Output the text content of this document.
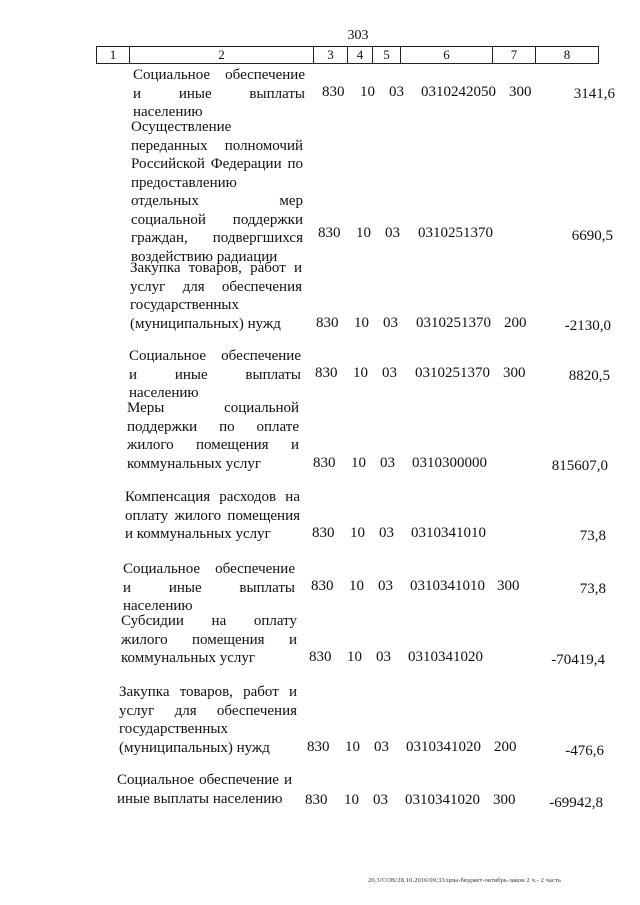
303
1	2	3	4	5	6	7	8
Социальное обеспечение и иные выплаты населению
830 10 03 0310242050 300	3141,6
Осуществление переданных полномочий Российской Федерации по предоставлению отдельных мер социальной поддержки граждан, подвергшихся воздействию радиации
830 10 03 0310251370	6690,5
Закупка товаров, работ и услуг для обеспечения государственных (муниципальных) нужд	830 10 03 0310251370 200	-2130,0
Социальное обеспечение и иные выплаты населению
830 10 03 0310251370 300	8820,5
Меры социальной поддержки по оплате жилого помещения и коммунальных услуг	830 10 03 0310300000	815607,0
Компенсация расходов на оплату жилого помещения и коммунальных услуг	830 10 03 0310341010	73,8
Социальное обеспечение и иные выплаты населению
830 10 03 0310341010 300	73,8
Субсидии на оплату жилого помещения и коммунальных услуг	830 10 03 0310341020	-70419,4
Закупка товаров, работ и услуг для обеспечения государственных (муниципальных) нужд	830 10 03 0310341020 200	-476,6
Социальное обеспечение и иные выплаты населению	830 10 03 0310341020 300 -69942,8
20.3/СОВ/28.10.2016/09:33/цпы-бюджет-октябрь-закон 2 ч.- 2 часть
